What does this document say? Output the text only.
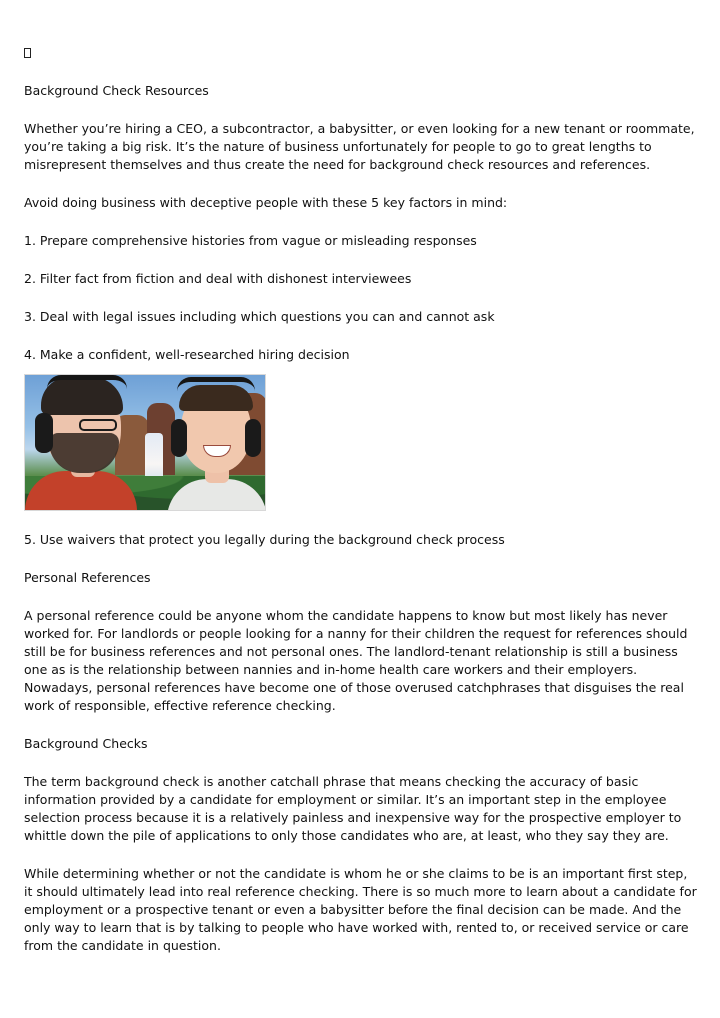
Background Check Resources

Whether you’re hiring a CEO, a subcontractor, a babysitter, or even looking for a new tenant or roommate, you’re taking a big risk. It’s the nature of business unfortunately for people to go to great lengths to misrepresent themselves and thus create the need for background check resources and references.

Avoid doing business with deceptive people with these 5 key factors in mind:

1. Prepare comprehensive histories from vague or misleading responses

2. Filter fact from fiction and deal with dishonest interviewees

3. Deal with legal issues including which questions you can and cannot ask

4. Make a confident, well-researched hiring decision

5. Use waivers that protect you legally during the background check process

Personal References

A personal reference could be anyone whom the candidate happens to know but most likely has never worked for. For landlords or people looking for a nanny for their children the request for references should still be for business references and not personal ones. The landlord-tenant relationship is still a business one as is the relationship between nannies and in-home health care workers and their employers. Nowadays, personal references have become one of those overused catchphrases that disguises the real work of responsible, effective reference checking.

Background Checks

The term background check is another catchall phrase that means checking the accuracy of basic information provided by a candidate for employment or similar. It’s an important step in the employee selection process because it is a relatively painless and inexpensive way for the prospective employer to whittle down the pile of applications to only those candidates who are, at least, who they say they are.

While determining whether or not the candidate is whom he or she claims to be is an important first step, it should ultimately lead into real reference checking. There is so much more to learn about a candidate for employment or a prospective tenant or even a babysitter before the final decision can be made. And the only way to learn that is by talking to people who have worked with, rented to, or received service or care from the candidate in question.
